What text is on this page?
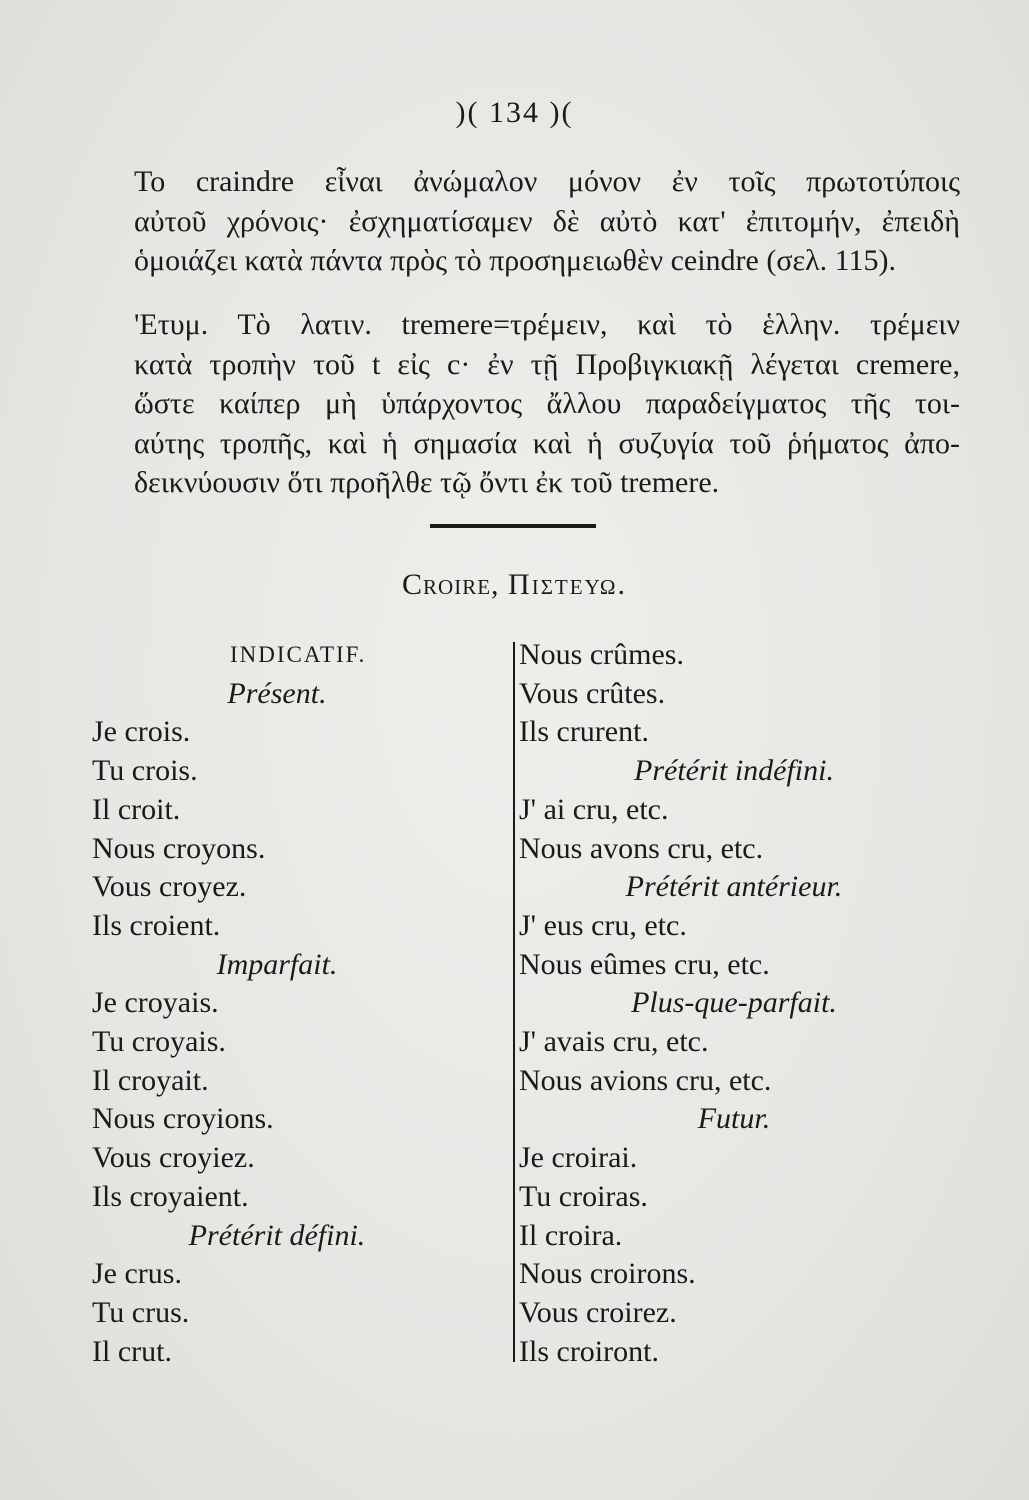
)( 134 )(
Το craindre εἶναι ἀνώμαλον μόνον ἐν τοῖς πρωτοτύποις
αὐτοῦ χρόνοις· ἐσχηματίσαμεν δὲ αὐτὸ κατ' ἐπιτομήν, ἐπειδὴ
ὁμοιάζει κατὰ πάντα πρὸς τὸ προσημειωθὲν ceindre (σελ. 115).
'Ετυμ. Τὸ λατιν. tremere=τρέμειν, καὶ τὸ ἑλλην. τρέμειν
κατὰ τροπὴν τοῦ t εἰς c· ἐν τῇ Προβιγκιακῇ λέγεται cremere,
ὥστε καίπερ μὴ ὑπάρχοντος ἄλλου παραδείγματος τῆς τοι-
αύτης τροπῆς, καὶ ἡ σημασία καὶ ἡ συζυγία τοῦ ῥήματος ἀπο-
δεικνύουσιν ὅτι προῆλθε τῷ ὄντι ἐκ τοῦ tremere.
Croire, Πιστευω.
INDICATIF.
Présent.
Je crois.
Tu crois.
Il croit.
Nous croyons.
Vous croyez.
Ils croient.
Imparfait.
Je croyais.
Tu croyais.
Il croyait.
Nous croyions.
Vous croyiez.
Ils croyaient.
Prétérit défini.
Je crus.
Tu crus.
Il crut.
Nous crûmes.
Vous crûtes.
Ils crurent.
Prétérit indéfini.
J' ai cru, etc.
Nous avons cru, etc.
Prétérit antérieur.
J' eus cru, etc.
Nous eûmes cru, etc.
Plus-que-parfait.
J' avais cru, etc.
Nous avions cru, etc.
Futur.
Je croirai.
Tu croiras.
Il croira.
Nous croirons.
Vous croirez.
Ils croiront.
